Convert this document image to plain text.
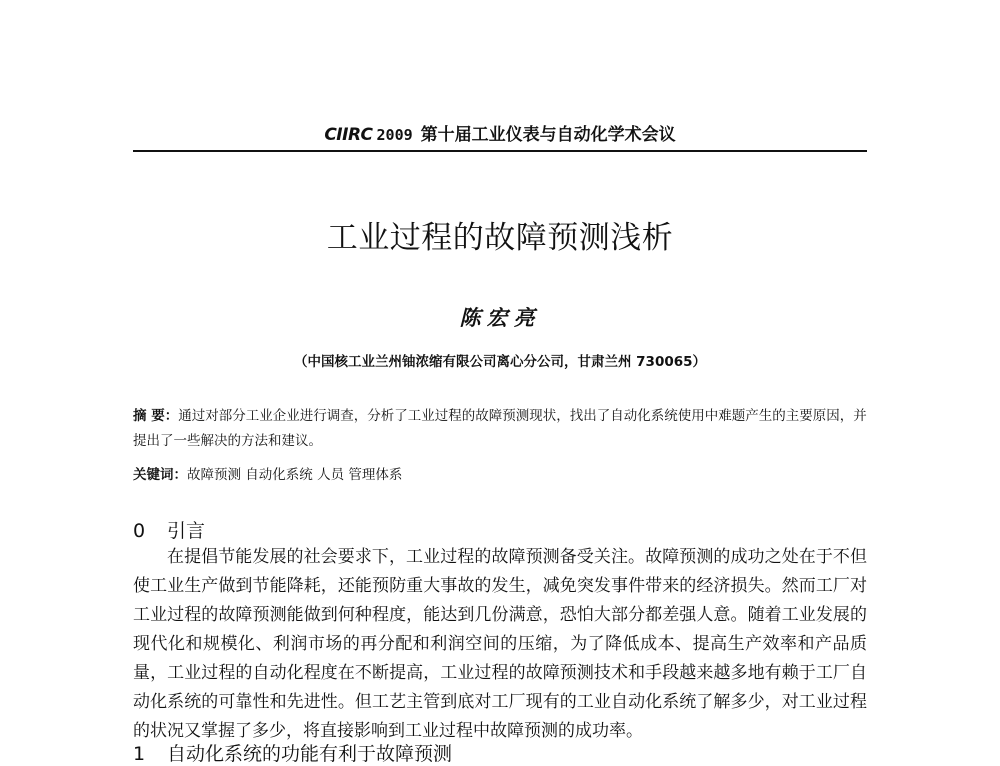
CIIRC 2009 第十届工业仪表与自动化学术会议
工业过程的故障预测浅析
陈宏亮
（中国核工业兰州铀浓缩有限公司离心分公司，甘肃兰州 730065）
摘 要：通过对部分工业企业进行调查，分析了工业过程的故障预测现状，找出了自动化系统使用中难题产生的主要原因，并提出了一些解决的方法和建议。
关键词：故障预测 自动化系统 人员 管理体系
0 引言

在提倡节能发展的社会要求下，工业过程的故障预测备受关注。故障预测的成功之处在于不但使工业生产做到节能降耗，还能预防重大事故的发生，减免突发事件带来的经济损失。然而工厂对工业过程的故障预测能做到何种程度，能达到几份满意，恐怕大部分都差强人意。随着工业发展的现代化和规模化、利润市场的再分配和利润空间的压缩，为了降低成本、提高生产效率和产品质量，工业过程的自动化程度在不断提高，工业过程的故障预测技术和手段越来越多地有赖于工厂自动化系统的可靠性和先进性。但工艺主管到底对工厂现有的工业自动化系统了解多少，对工业过程的状况又掌握了多少，将直接影响到工业过程中故障预测的成功率。

1 自动化系统的功能有利于故障预测
